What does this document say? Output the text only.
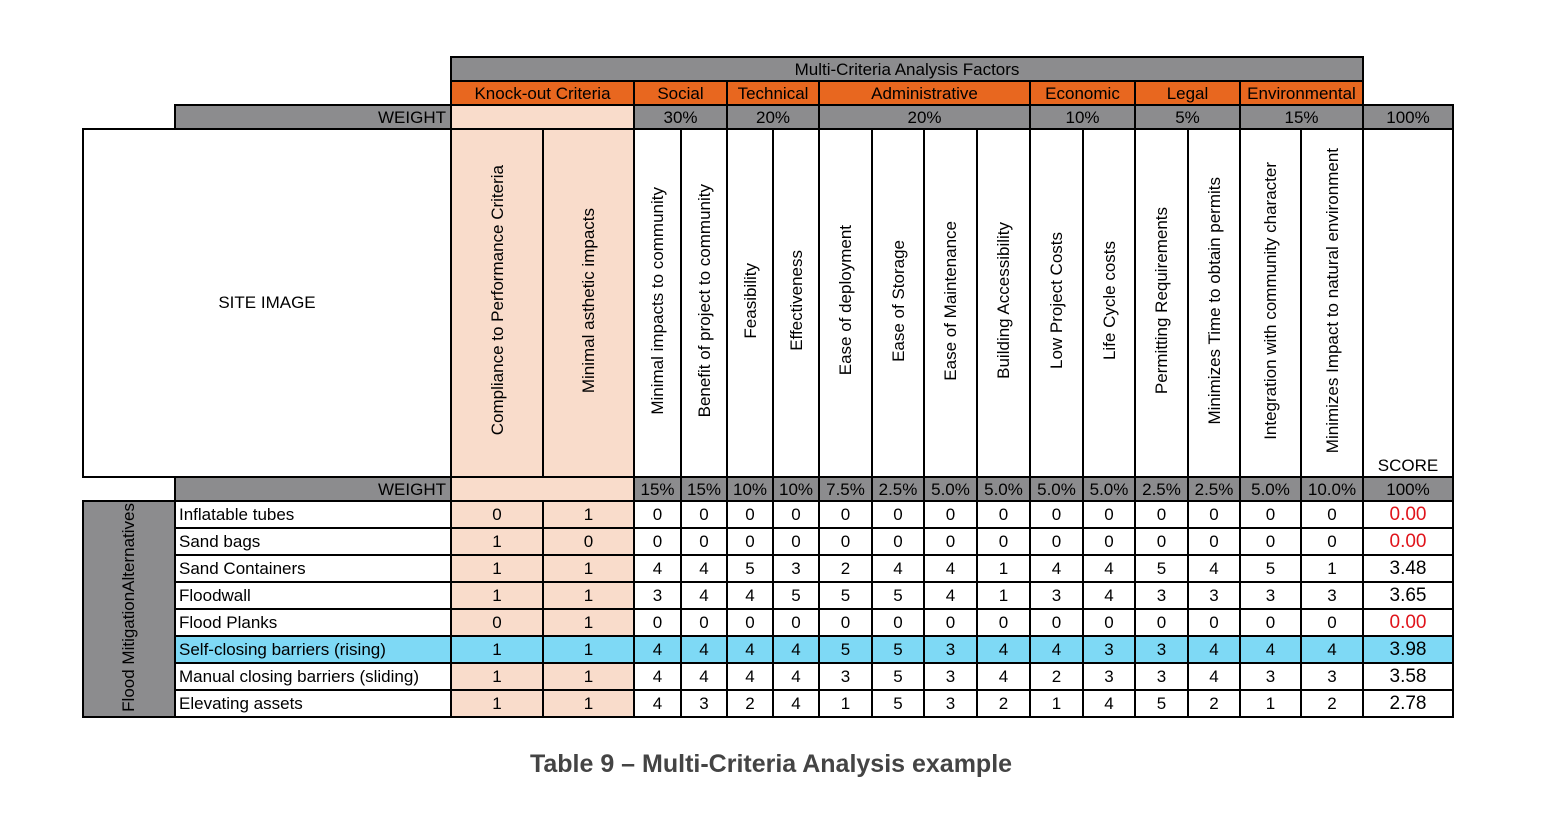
		Multi-Criteria Analysis Factors																
		Knock-out Criteria		Social		Technical		Administrative				Economic		Legal		Environmental		
	WEIGHT			30%		20%		20%				10%		5%		15%		100%
SITE IMAGE		Compliance to Performance Criteria	Minimal asthetic impacts	Minimal impacts to community	Benefit of project to community	Feasibility	Effectiveness	Ease of deployment	Ease of Storage	Ease of Maintenance	Building Accessibility	Low Project Costs	Life Cycle costs	Permitting Requirements	Minimizes Time to obtain permits	Integration with community character	Minimizes Impact to natural environment	SCORE
	WEIGHT			15%	15%	10%	10%	7.5%	2.5%	5.0%	5.0%	5.0%	5.0%	2.5%	2.5%	5.0%	10.0%	100%
Flood MitigationAlternatives	Inflatable tubes	0	1	0	0	0	0	0	0	0	0	0	0	0	0	0	0	0.00
	Sand bags	1	0	0	0	0	0	0	0	0	0	0	0	0	0	0	0	0.00
	Sand Containers	1	1	4	4	5	3	2	4	4	1	4	4	5	4	5	1	3.48
	Floodwall	1	1	3	4	4	5	5	5	4	1	3	4	3	3	3	3	3.65
	Flood Planks	0	1	0	0	0	0	0	0	0	0	0	0	0	0	0	0	0.00
	Self-closing barriers (rising)	1	1	4	4	4	4	5	5	3	4	4	3	3	4	4	4	3.98
	Manual closing barriers (sliding)	1	1	4	4	4	4	3	5	3	4	2	3	3	4	3	3	3.58
	Elevating assets	1	1	4	3	2	4	1	5	3	2	1	4	5	2	1	2	2.78
Table 9 – Multi-Criteria Analysis example
